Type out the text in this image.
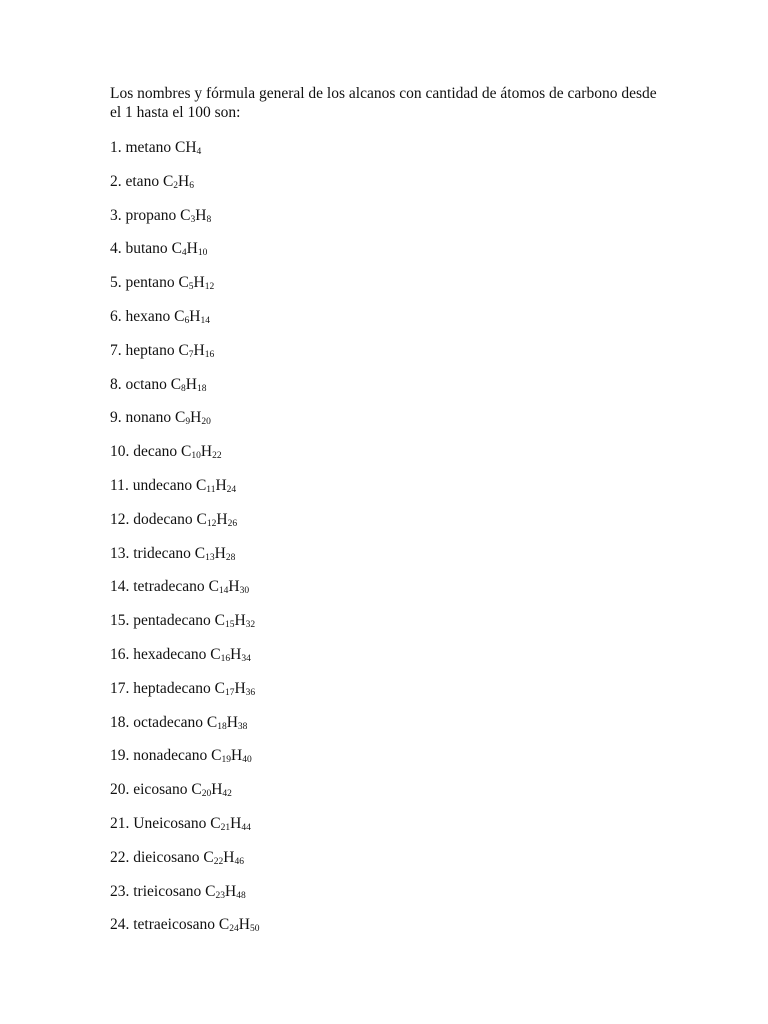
Los nombres y fórmula general de los alcanos con cantidad de átomos de carbono desde el 1 hasta el 100 son:

1. metano $CH_4$
2. etano $C_2H_6$
3. propano $C_3H_8$
4. butano $C_4H_{10}$
5. pentano $C_5H_{12}$
6. hexano $C_6H_{14}$
7. heptano $C_7H_{16}$
8. octano $C_8H_{18}$
9. nonano $C_9H_{20}$
10. decano $C_{10}H_{22}$
11. undecano $C_{11}H_{24}$
12. dodecano $C_{12}H_{26}$
13. tridecano $C_{13}H_{28}$
14. tetradecano $C_{14}H_{30}$
15. pentadecano $C_{15}H_{32}$
16. hexadecano $C_{16}H_{34}$
17. heptadecano $C_{17}H_{36}$
18. octadecano $C_{18}H_{38}$
19. nonadecano $C_{19}H_{40}$
20. eicosano $C_{20}H_{42}$
21. Uneicosano $C_{21}H_{44}$
22. dieicosano $C_{22}H_{46}$
23. trieicosano $C_{23}H_{48}$
24. tetraeicosano $C_{24}H_{50}$
